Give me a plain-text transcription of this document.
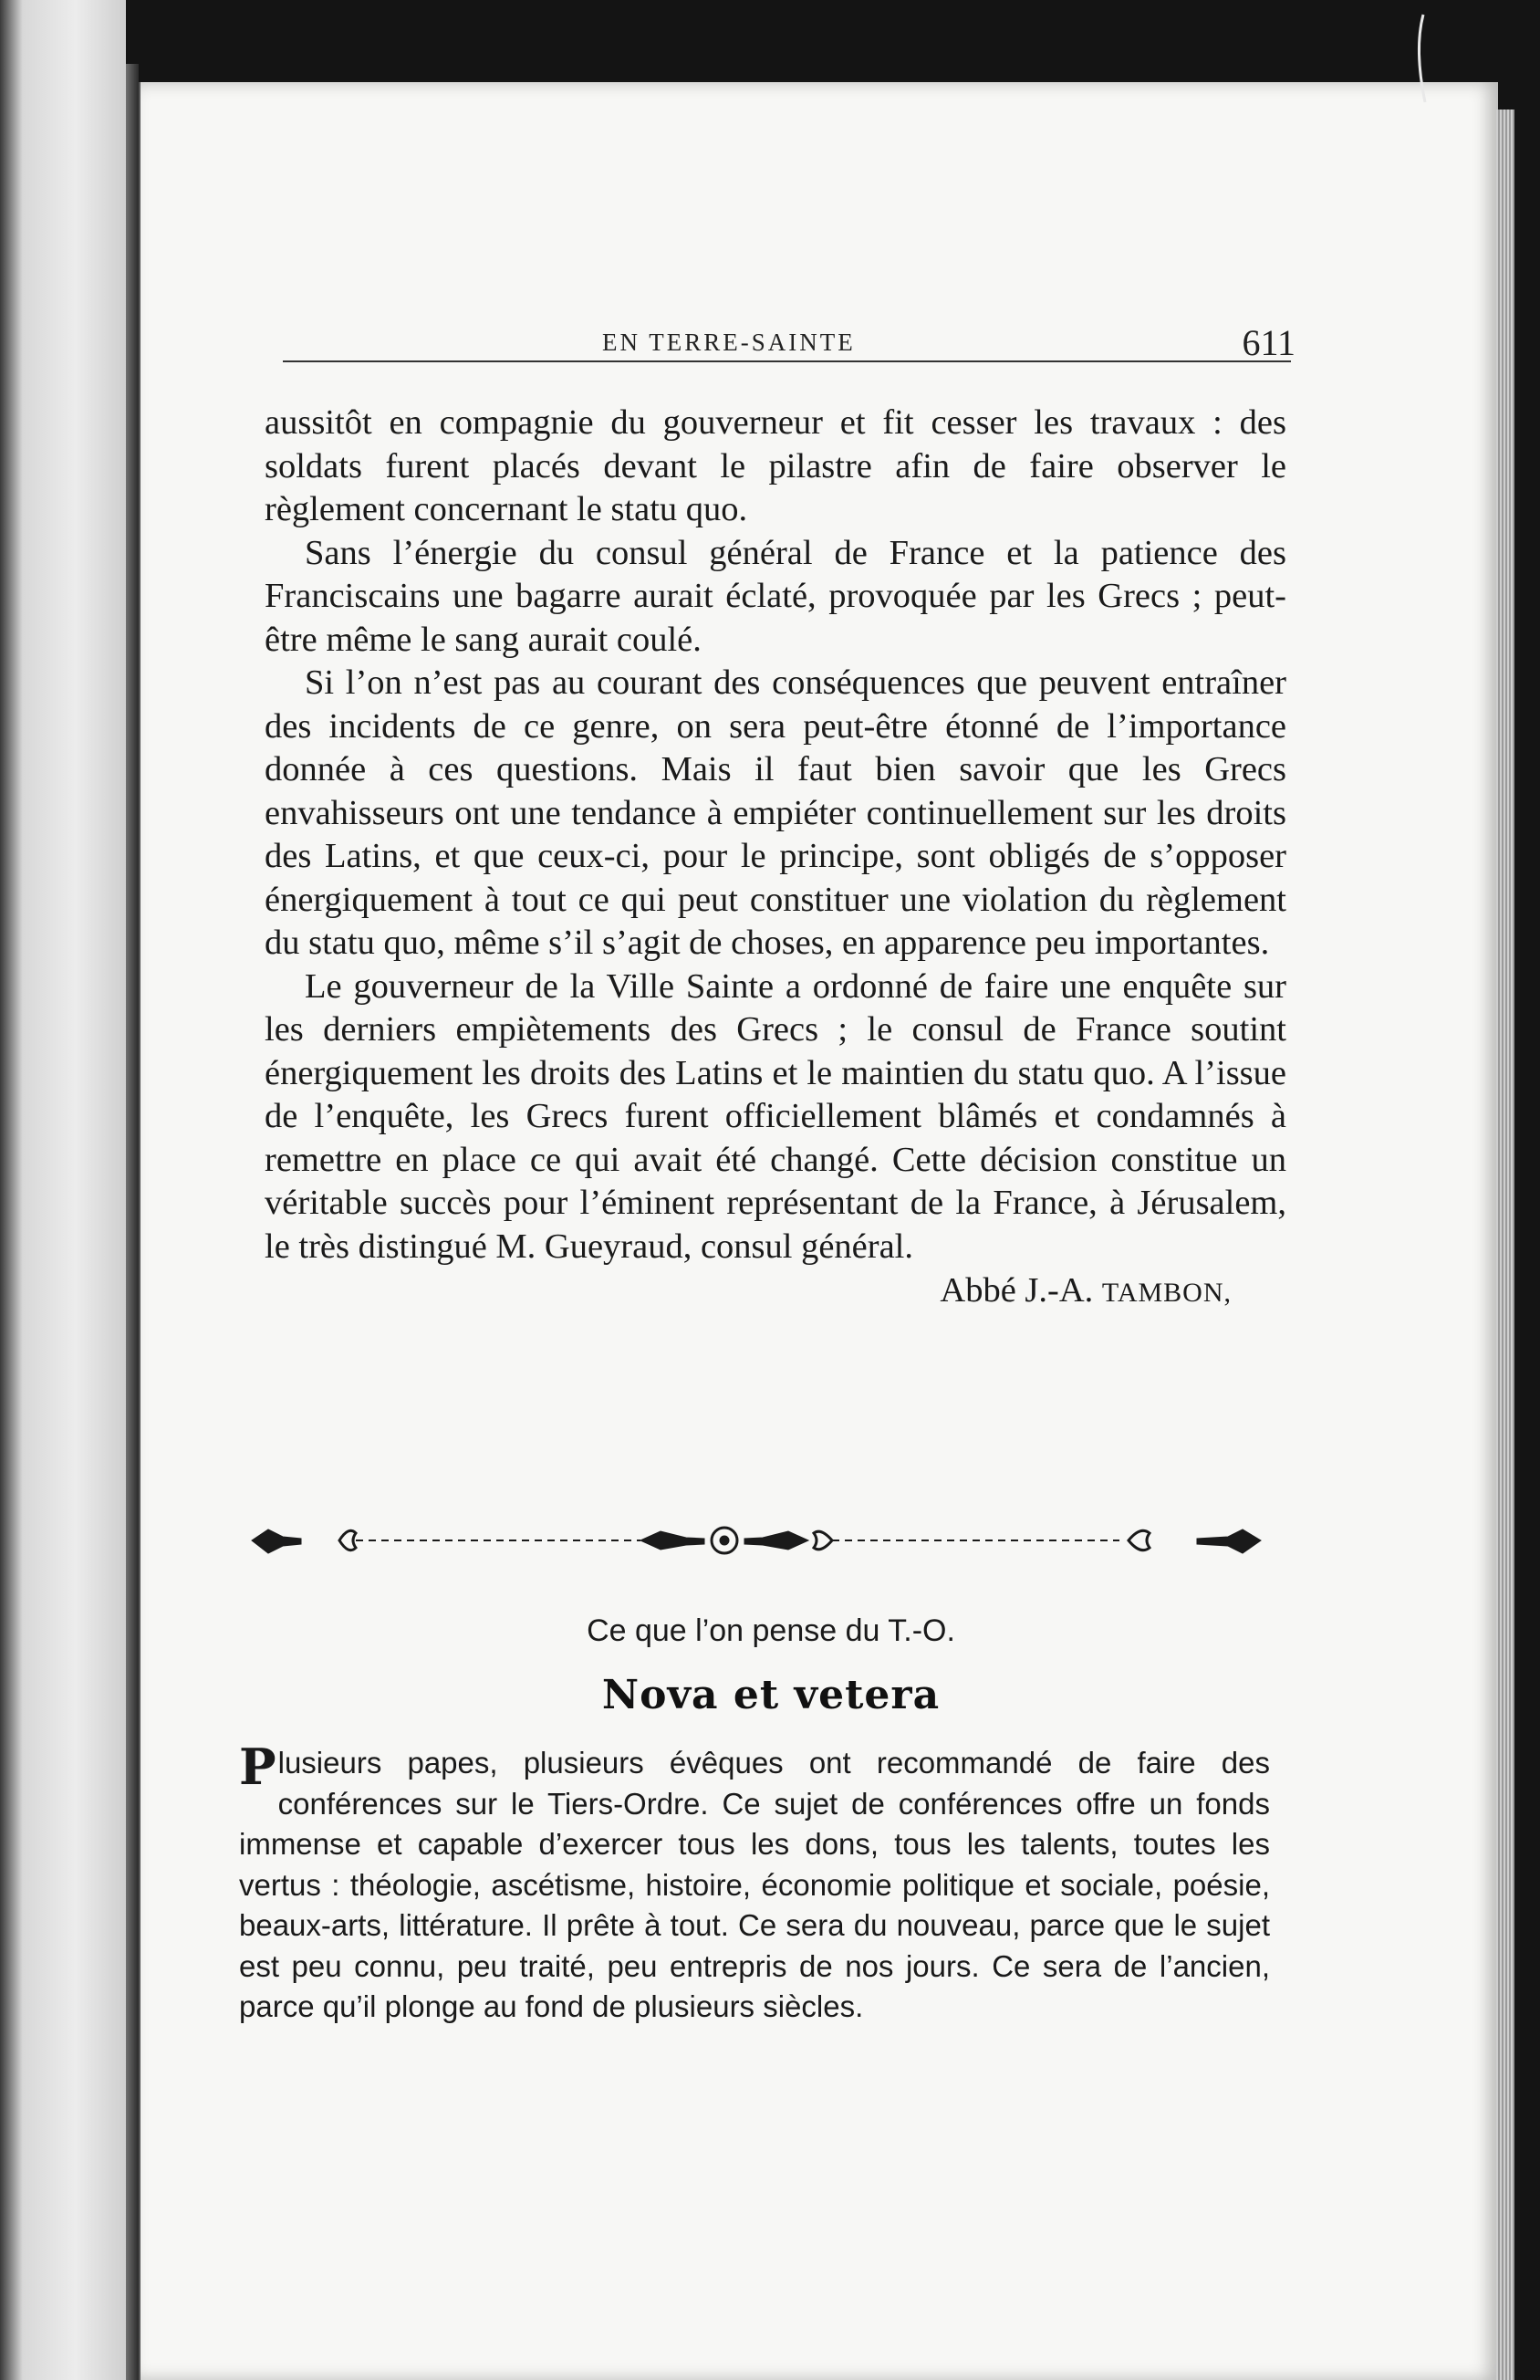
EN TERRE-SAINTE	611

aussitôt en compagnie du gouverneur et fit cesser les travaux : des soldats furent placés devant le pilastre afin de faire observer le règlement concernant le statu quo.

Sans l’énergie du consul général de France et la patience des Franciscains une bagarre aurait éclaté, provoquée par les Grecs ; peut-être même le sang aurait coulé.

Si l’on n’est pas au courant des conséquences que peuvent entraîner des incidents de ce genre, on sera peut-être étonné de l’importance donnée à ces questions. Mais il faut bien savoir que les Grecs envahisseurs ont une tendance à empiéter continuellement sur les droits des Latins, et que ceux-ci, pour le principe, sont obligés de s’opposer énergiquement à tout ce qui peut constituer une violation du règlement du statu quo, même s’il s’agit de choses, en apparence peu importantes.

Le gouverneur de la Ville Sainte a ordonné de faire une enquête sur les derniers empiètements des Grecs ; le consul de France soutint énergiquement les droits des Latins et le maintien du statu quo. A l’issue de l’enquête, les Grecs furent officiellement blâmés et condamnés à remettre en place ce qui avait été changé. Cette décision constitue un véritable succès pour l’éminent représentant de la France, à Jérusalem, le très distingué M. Gueyraud, consul général.

Abbé J.-A. TAMBON,
Ce que l’on pense du T.-O.
Nova et vetera
Plusieurs papes, plusieurs évêques ont recommandé de faire des conférences sur le Tiers-Ordre. Ce sujet de conférences offre un fonds immense et capable d’exercer tous les dons, tous les talents, toutes les vertus : théologie, ascétisme, histoire, économie politique et sociale, poésie, beaux-arts, littérature. Il prête à tout. Ce sera du nouveau, parce que le sujet est peu connu, peu traité, peu entrepris de nos jours. Ce sera de l’ancien, parce qu’il plonge au fond de plusieurs siècles.
